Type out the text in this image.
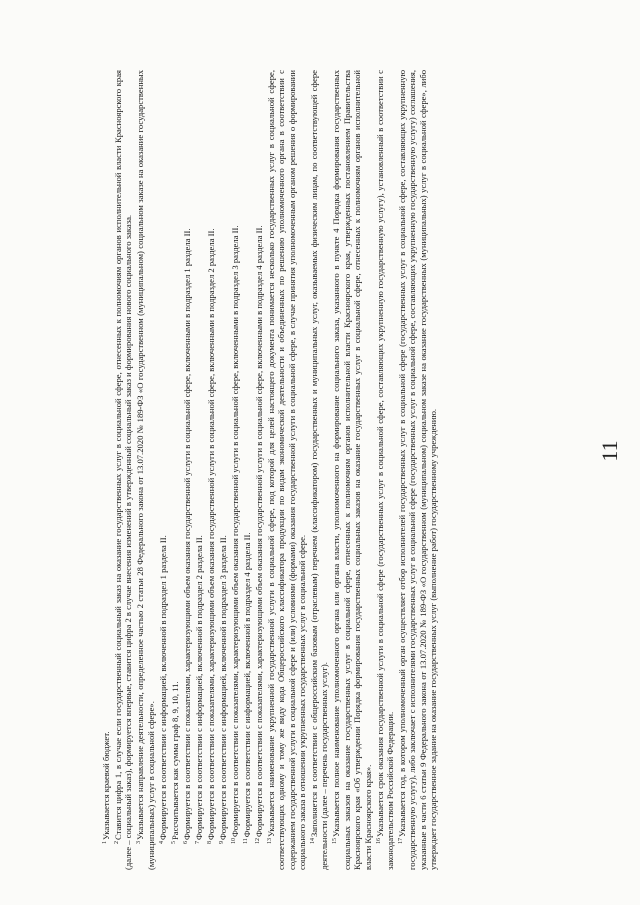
11

$^1$Указывается краевой бюджет.

$^2$Ставится цифра 1, в случае если государственный социальный заказ на оказание государственных услуг в социальной сфере, отнесенных к полномочиям органов исполнительной власти Красноярского края (далее – социальный заказ), формируется впервые, ставится цифра 2 в случае внесения изменений в утвержденный социальный заказ и формирования нового социального заказа. $^3$Указывается направление деятельности, определенное частью 2 статьи 28 Федерального закона от 13.07.2020 № 189-ФЗ «О государственном (муниципальном) социальном заказе на оказание государственных (муниципальных) услуг в социальной сфере». $^4$Формируется в соответствии с информацией, включенной в подраздел 1 раздела II.

$^5$Рассчитывается как сумма граф 8, 9, 10, 11.

$^6$Формируется в соответствии с показателями, характеризующими объем оказания государственной услуги в социальной сфере, включенными в подраздел 1 раздела II.

$^7$Формируется в соответствии с информацией, включенной в подраздел 2 раздела II.

$^8$Формируется в соответствии с показателями, характеризующими объем оказания государственной услуги в социальной сфере, включенными в подраздел 2 раздела II.

$^9$Формируется в соответствии с информацией, включенной в подраздел 3 раздела II.

$^{10}$Формируется в соответствии с показателями, характеризующими объем оказания государственной услуги в социальной сфере, включенными в подраздел 3 раздела II.

$^{11}$Формируется в соответствии с информацией, включенной в подраздел 4 раздела II.

$^{12}$Формируется в соответствии с показателями, характеризующими объем оказания государственной услуги в социальной сфере, включенными в подраздел 4 раздела II.

$^{13}$Указывается наименование укрупненной государственной услуги в социальной сфере, под которой для целей настоящего документа понимается несколько государственных услуг в социальной сфере, соответствующих одному и тому же виду кода Общероссийского классификатора продукции по видам экономической деятельности и объединенных по решению уполномоченного органа в соответствии с содержанием государственной услуги в социальной сфере и (или) условиями (формами) оказания государственной услуги в социальной сфере, в случае принятия уполномоченным органом решения о формировании социального заказа в отношении укрупненных государственных услуг в социальной сфере. $^{14}$Заполняется в соответствии с общероссийским базовым (отраслевым) перечнем (классификатором) государственных и муниципальных услуг, оказываемых физическим лицам, по соответствующей сфере деятельности (далее – перечень государственных услуг). $^{15}$Указывается полное наименование уполномоченного органа или органа власти, уполномоченного на формирование социального заказа, указанного в пункте 4 Порядка формирования государственных социальных заказов на оказание государственных услуг в социальной сфере, отнесенных к полномочиям органов исполнительной власти Красноярского края, утвержденных постановлением Правительства Красноярского края «Об утверждении Порядка формирования государственных социальных заказов на оказание государственных услуг в социальной сфере, отнесенных к полномочиям органов исполнительной власти Красноярского края». $^{16}$Указывается срок оказания государственной услуги в социальной сфере (государственных услуг в социальной сфере, составляющих укрупненную государственную услугу), установленный в соответствии с законодательством Российской Федерации. $^{17}$Указывается год, в котором уполномоченный орган осуществляет отбор исполнителей государственных услуг в социальной сфере (государственных услуг в социальной сфере, составляющих укрупненную государственную услугу), либо заключает с исполнителями государственных услуг в социальной сфере (государственных услуг в социальной сфере, составляющих укрупненную государственную услугу) соглашения, указанные в части 6 статьи 9 Федерального закона от 13.07.2020 № 189-ФЗ «О государственном (муниципальном) социальном заказе на оказание государственных (муниципальных) услуг в социальной сфере», либо утверждает государственное задание на оказание государственных услуг (выполнение работ) государственному учреждению.
